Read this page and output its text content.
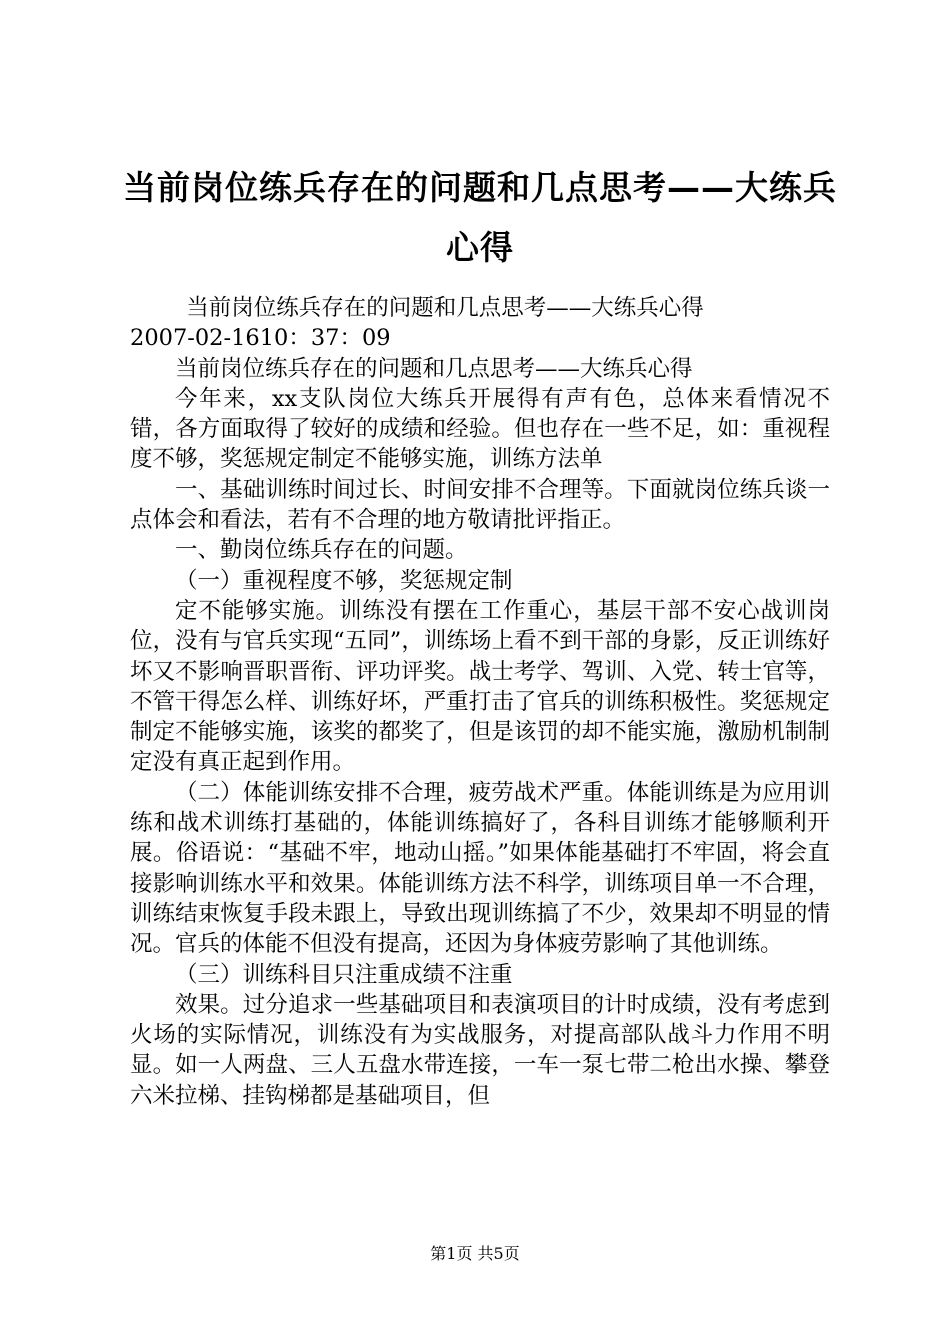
当前岗位练兵存在的问题和几点思考——大练兵心得

当前岗位练兵存在的问题和几点思考——大练兵心得

2007-02-1610：37：09

当前岗位练兵存在的问题和几点思考——大练兵心得

今年来，xx支队岗位大练兵开展得有声有色，总体来看情况不错，各方面取得了较好的成绩和经验。但也存在一些不足，如：重视程度不够，奖惩规定制定不能够实施，训练方法单

一、基础训练时间过长、时间安排不合理等。下面就岗位练兵谈一点体会和看法，若有不合理的地方敬请批评指正。

一、勤岗位练兵存在的问题。

（一）重视程度不够，奖惩规定制

定不能够实施。训练没有摆在工作重心，基层干部不安心战训岗位，没有与官兵实现“五同”，训练场上看不到干部的身影，反正训练好坏又不影响晋职晋衔、评功评奖。战士考学、驾训、入党、转士官等，不管干得怎么样、训练好坏，严重打击了官兵的训练积极性。奖惩规定制定不能够实施，该奖的都奖了，但是该罚的却不能实施，激励机制制定没有真正起到作用。

（二）体能训练安排不合理，疲劳战术严重。体能训练是为应用训练和战术训练打基础的，体能训练搞好了，各科目训练才能够顺利开展。俗语说：“基础不牢，地动山摇。”如果体能基础打不牢固，将会直接影响训练水平和效果。体能训练方法不科学，训练项目单一不合理，训练结束恢复手段未跟上，导致出现训练搞了不少，效果却不明显的情况。官兵的体能不但没有提高，还因为身体疲劳影响了其他训练。

（三）训练科目只注重成绩不注重

效果。过分追求一些基础项目和表演项目的计时成绩，没有考虑到火场的实际情况，训练没有为实战服务，对提高部队战斗力作用不明显。如一人两盘、三人五盘水带连接，一车一泵七带二枪出水操、攀登六米拉梯、挂钩梯都是基础项目，但

第1页 共5页
